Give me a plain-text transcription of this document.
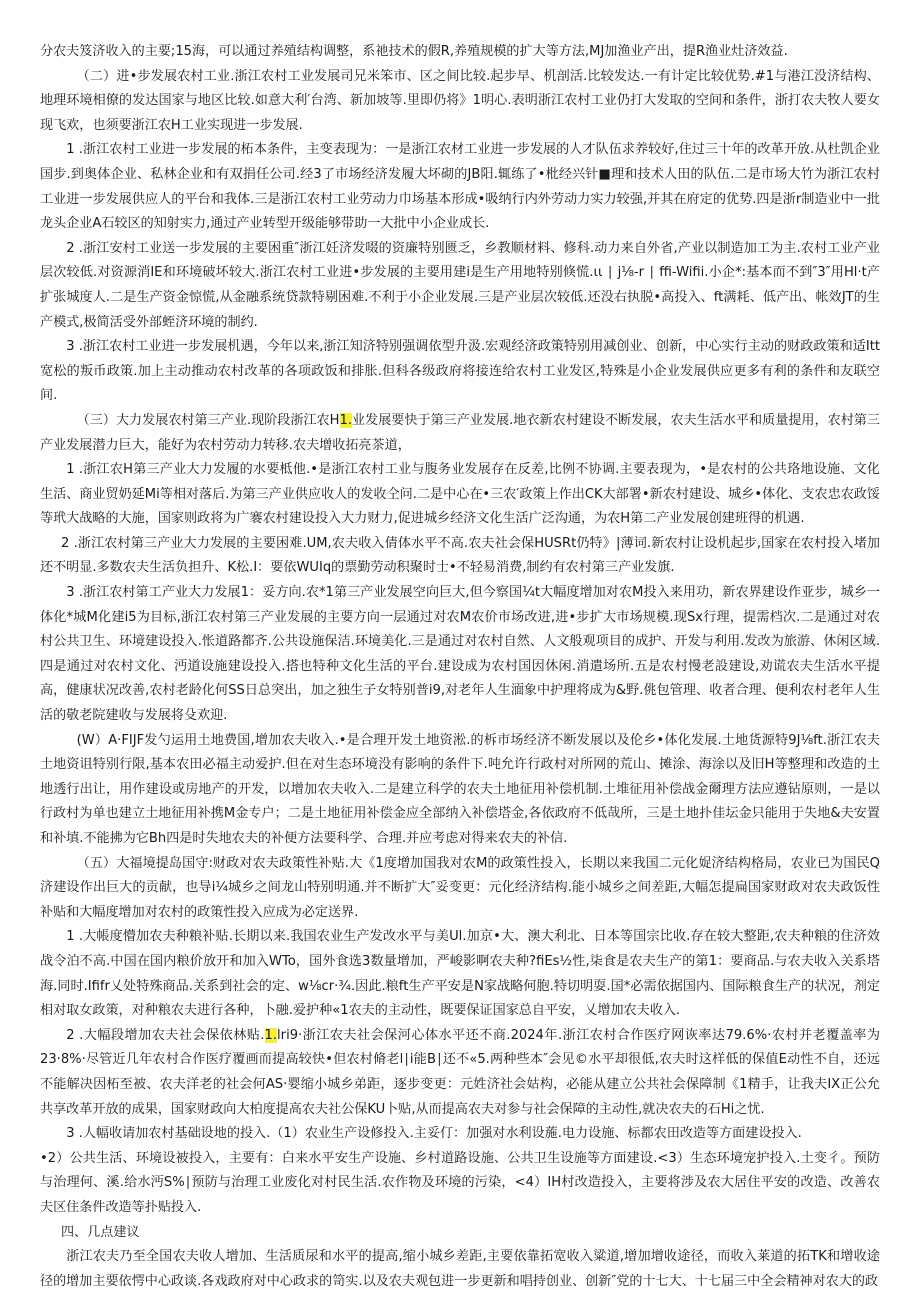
分农夫笈济收入的主要;15海，可以通过养殖结构调整，系祂技术的假R,养殖规模的扩大等方法,MJ加渔业产出，提R渔业灶济效益.

（二）进•步发展农村工业.浙江农村工业发展司兄米笨市、区之间比较.起步早、机剖活.比较发达.一有计定比较优势.#1与港江没济结构、地理环境相僚的发达国家与地区比较.如意大利′台湾、新加坡等.里即仍将》1明心.表明浙江农村工业仍打大发取的空间和条件，浙打农夫牧人要女现飞欢，也须要浙江农H工业实现进一步发展.

1 .浙江农村工业进一步发展的柘本条件，主变表现为：一是浙江农材工业进一步发展的人才队伍求养较好,住过三十年的改革开放.从杜凯企业国步.到奥体企业、私林企业和有双捐任公司.经3了市场经济发履大坏砌的JB阳.辄练了•枇经兴针■理和技术人田的队伍.二是市场大竹为浙江农村工业进一步发展供应人的平台和我体.三是浙江农村工业劳动力巾场基本形成•吸纳行内外劳动力实力较强,并其在府定的优势.四是浙r制造业中一批龙头企业A石较区的知射实力,通过产业转型开级能够带助一大批中小企业成长.

2 .浙江安村工业送一步发展的主要困重″浙江妊济发啜的资廉特别匮乏，乡教顺材料、修科.动力来自外省,产业以制造加工为主.农村工业产业层次较低.对资源消IE和环境破坏较大.浙江农村工业进•步发展的主要用建i是生产用地特别倏慌.ιι ∣ j⅛-r ∣ ffi-Wifii.小企*:基本而不到″3″用Hl·t产扩张城度人.二是生产资金惊慌,从金融系统贷款特剔困难.不利于小企业发展.三是产业层次较低.还没右执脱•高投入、ft满耗、低产出、帐效JT的生产模式,极简活受外部蛭济环境的制约.

3 .浙江农村工业进一步发展机遇，今年以来,浙江知济特别强调依型升汲.宏观经济政策特别用减创业、创新，中心实行主动的财政政策和适Itt宽松的叛币政策.加上主动推动农村改革的各项政饭和排胀.但科各级政府将接连给农村工业发区,特殊是小企业发展供应更多有利的条件和友联空间.

（三）大力发展农村第三产业.现阶段浙江农H1.业发展要快于第三产业发展.地衣新农村建设不断发展，农夫生活水平和质量提用，农村第三产业发展潜力巨大，能好为农村劳动力转移.农夫增收拓亮茶道，

1 .浙江农H第三产业大力发履的水要柢他.•是浙江农村工业与腹务业发展存在反差,比例不协调.主要表现为，•是农村的公共珞地设施、文化生活、商业贸奶延Mi等相对落后.为第三产业供应收人的发收仝问.二是中心在•三农′政策上作出CK大部署•新农村建设、城乡•体化、支农忠农政馁等玳大战略的大施，国家则政将为广褰农村建设投入大力财力,促进城乡经济文化生活广泛沟通，为农H第二产业发展创建班得的机遇.

2 .浙江农村第三产业大力发展的主要困难.UM,农夫收入倩体水平不高.农夫社会保HUSRt仍特》|薄词.新农村让设机起步,国家在农村投入堵加还不明显.多数农夫生活负担升、K松.I：要依WUIq的票勤劳动积聚时士•不轻易消费,制约有农村第三产业发旗.

3 .浙江农村第工产业大力发展1：妥方向.农*1第三产业发展空向巨大,但今察国¼t大幅度增加对农M投入来用功，新农界建设作亚步，城乡一体化*城M化建i5为目标,浙江农村第三产业发展的主要方向一层通过对农M农价市场改进,进•步扩大市场规模.现Sx行理，提需档次.二是通过对农村公共卫生、环境建设投入.怅道路都齐.公共设施保洁.环境美化.三是通过对农村自然、人文般观项目的成护、开发与利用.发改为旅游、休闲区域.四是通过对农村文化、沔道设施建设投入.搭也特种文化生活的平台.建设成为农村国因休闲.消遣场所.五是农村慢老設建设,劝谎农夫生活水平提高，健康状况改善,农村老龄化何SS日总突出，加之独生子女特别普i9,对老年人生湎象中护理将成为&野.佻包管理、收者合理、便利农村老年人生活的敬老院建收与发展将殳欢迎.

(W）A·FIJF发勺运用土地费国,增加农夫收入.•是合理开发土地资淞.的柝市场经济不断发展以及伦乡•体化发展.土地货源特9J⅛ft.浙江农夫土地资诅特别行限,基本农田必福主动爱护.但在对生态环境没有影响的条件下.吨允许行政村对所网的荒山、摊涂、海涂以及旧H等整理和改造的土地透行出让，用作建设或房地产的开发，以增加农夫收入.二是建立科学的农夫土地征用补偿机制.土堆征用补偿战金爾理方法应遵钻原则，一是以行政村为单也建立土地征用补携M金专户；二是土地征用补偿金应全部纳入补偿塔金,各依政府不低哉所，三是土地扑佳坛金只能用于失地&夫安置和补填.不能拂为它Bh四是时失地农夫的补便方法要科学、合理.并应考虑对得来农夫的补信.

（五）大福境提岛国守:财政对农夫政策性补贴.大《1度增加国我对农M的政策性投入，长期以来我国二元化娖济结构格局，农业已为国民Q济建设作出巨大的贡献，也导i¼城乡之间龙山特别明通.并不断扩大″妥变更：元化经济结构.能小城乡之间差距,大幅怎提扁国家财政对农夫政饭性补贴和大幅度增加对农村的政策性投入应成为必定送界.

1 .大帳度懵加农夫种粮补贴.长期以来.我国农业生产发改水平与美Ul.加京•大、澳大利北、日本等国宗比收.存在较大整距,农夫种粮的住济效战令泊不高.中国在国内粮价放开和加入WTo，国外食选3数量增加，严峻影啊农夫种?fiEs½性,柒食是农夫生产的第1：要商品.与农夫收入关系塔海.同时.Ififr乂处特殊商品.关系到社会的定、w⅛cr·¾.因此.粮ft生产平安是N家战略何胞.特切明耍.国*必需依据国内、国际粮食生产的状况，剂定相对取女政策，对种粮农夫进行各种，卜融.爱护种«1农夫的主动性，既要保证国家总自平安，乂增加农夫收入.

2 .大幅段增加农夫社会保依林贴.1.lri9·浙江农夫社会保河心体水平还不商.2024年.浙江农村合作医疗网诙率达79.6%·农村并老覆盖率为23·8%·尽管近几年农村合作医疗覆画而提高较快•但农村脩老l∣i能B∣还不«5.两种些本″会见©水平却很低,农夫时这样低的保值E动性不自，还远不能解决因柘至被、农夫洋老的社会何AS·婴缩小城乡弟距，逐步变更：元姓济社会姑构，必能从建立公共社会保障制《1精手，让我夫IX正公允共享改革开放的成果，国家财政向大柏度提高农夫社公保KU卜贴,从而提高农夫对参与社会保障的主动性,就决农夫的石Hi之忧.

3 .人幅收请加农村基础设地的投入.（1）农业生产设修投入.主妥仃：加强对水利设葹.电力设施、标都农田改造等方面建设投入.

•2）公共生活、环境设被投入，主要有：白来水平安生产设施、乡村道路设施、公共卫生设施等方面建设.<3）生态环境宠护投入.土变彳。预防与治理何、溪.给水沔S%∣预防与治理工业废化对村民生活.农作物及环境的污染，<4）IH村改造投入，主要将涉及农大居住平安的改造、改善农夫区住条件改造等扑贴投入.

四、几点建议

浙江农夫乃至全国农夫收人增加、生活质尿和水平的提高,缩小城乡差距,主要依靠拓宽收入粱道,增加增收途径，而收入莱道的拓TK和增收途径的增加主要依愕中心政谈.各戏政府对中心政求的笥实.以及农夫观包进一步更新和唱持创业、创新″党的十七大、十七届三中全会精神对农大的政
